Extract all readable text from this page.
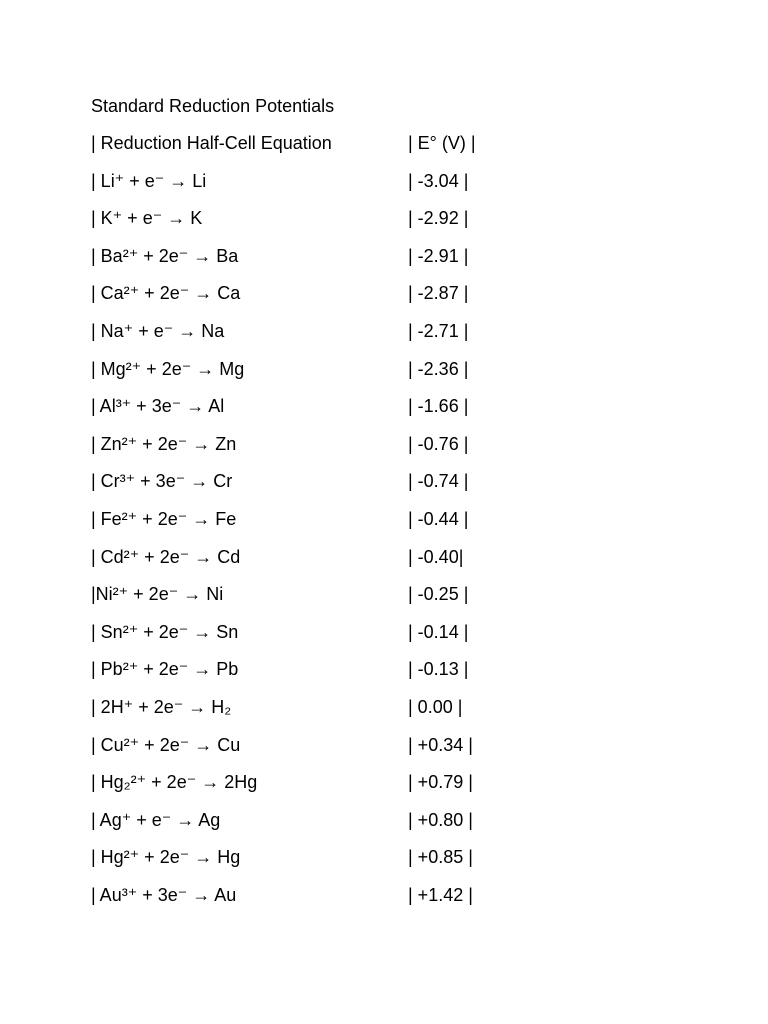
Standard Reduction Potentials
| Reduction Half-Cell Equation	| E° (V) |
| Li⁺ + e⁻ → Li	| -3.04 |
| K⁺ + e⁻ → K	| -2.92 |
| Ba²⁺ + 2e⁻ → Ba	| -2.91 |
| Ca²⁺ + 2e⁻ → Ca	| -2.87 |
| Na⁺ + e⁻ → Na	| -2.71 |
| Mg²⁺ + 2e⁻ → Mg	| -2.36 |
| Al³⁺ + 3e⁻ → Al	| -1.66 |
| Zn²⁺ + 2e⁻ → Zn	| -0.76 |
| Cr³⁺ + 3e⁻ → Cr	| -0.74 |
| Fe²⁺ + 2e⁻ → Fe	| -0.44 |
| Cd²⁺ + 2e⁻ → Cd	| -0.40|
|Ni²⁺ + 2e⁻ → Ni	| -0.25 |
| Sn²⁺ + 2e⁻ → Sn	| -0.14 |
| Pb²⁺ + 2e⁻ → Pb	| -0.13 |
| 2H⁺ + 2e⁻ → H₂	| 0.00 |
| Cu²⁺ + 2e⁻ → Cu	| +0.34 |
| Hg₂²⁺ + 2e⁻ → 2Hg	| +0.79 |
| Ag⁺ + e⁻ → Ag	| +0.80 |
| Hg²⁺ + 2e⁻ → Hg	| +0.85 |
| Au³⁺ + 3e⁻ → Au	| +1.42 |
